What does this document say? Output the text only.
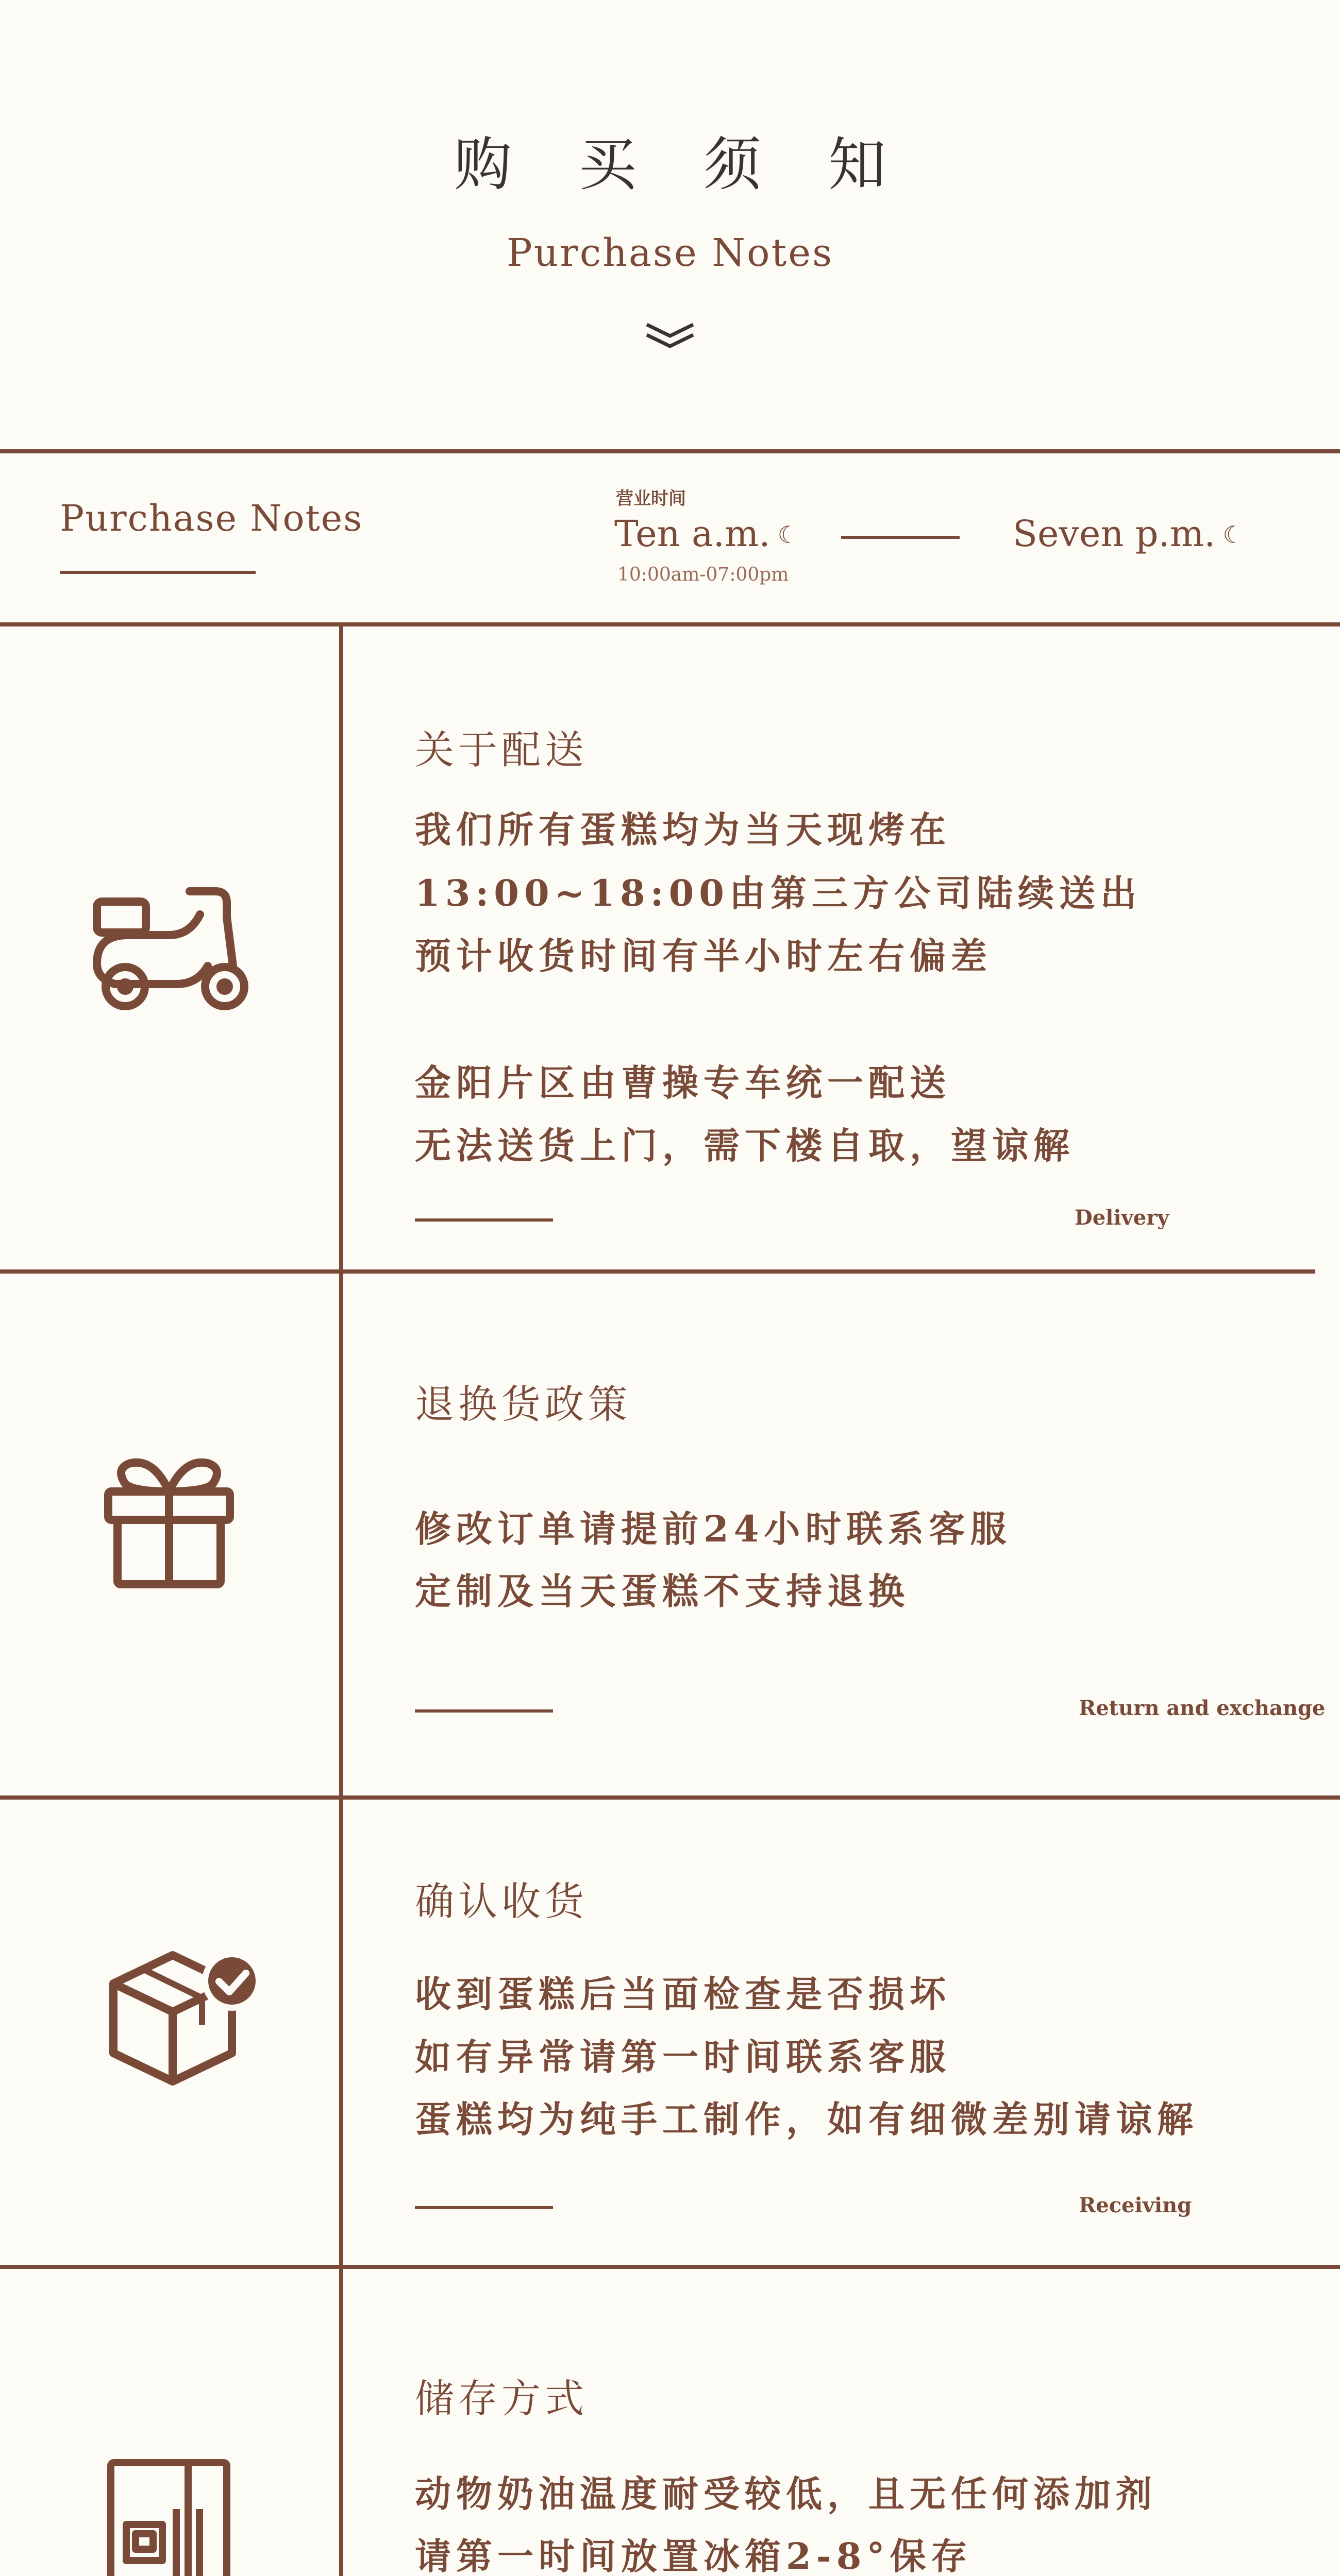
购买须知
Purchase Notes
Purchase Notes	营业时间
Ten a.m. ☾
10:00am-07:00pm
Seven p.m. ☾
关于配送
我们所有蛋糕均为当天现烤在
13:00~18:00由第三方公司陆续送出
预计收货时间有半小时左右偏差
金阳片区由曹操专车统一配送
无法送货上门，需下楼自取，望谅解
Delivery
退换货政策
修改订单请提前24小时联系客服
定制及当天蛋糕不支持退换
Return and exchange
确认收货
收到蛋糕后当面检查是否损坏
如有异常请第一时间联系客服
蛋糕均为纯手工制作，如有细微差别请谅解
Receiving
储存方式
动物奶油温度耐受较低，且无任何添加剂
请第一时间放置冰箱2-8°保存
